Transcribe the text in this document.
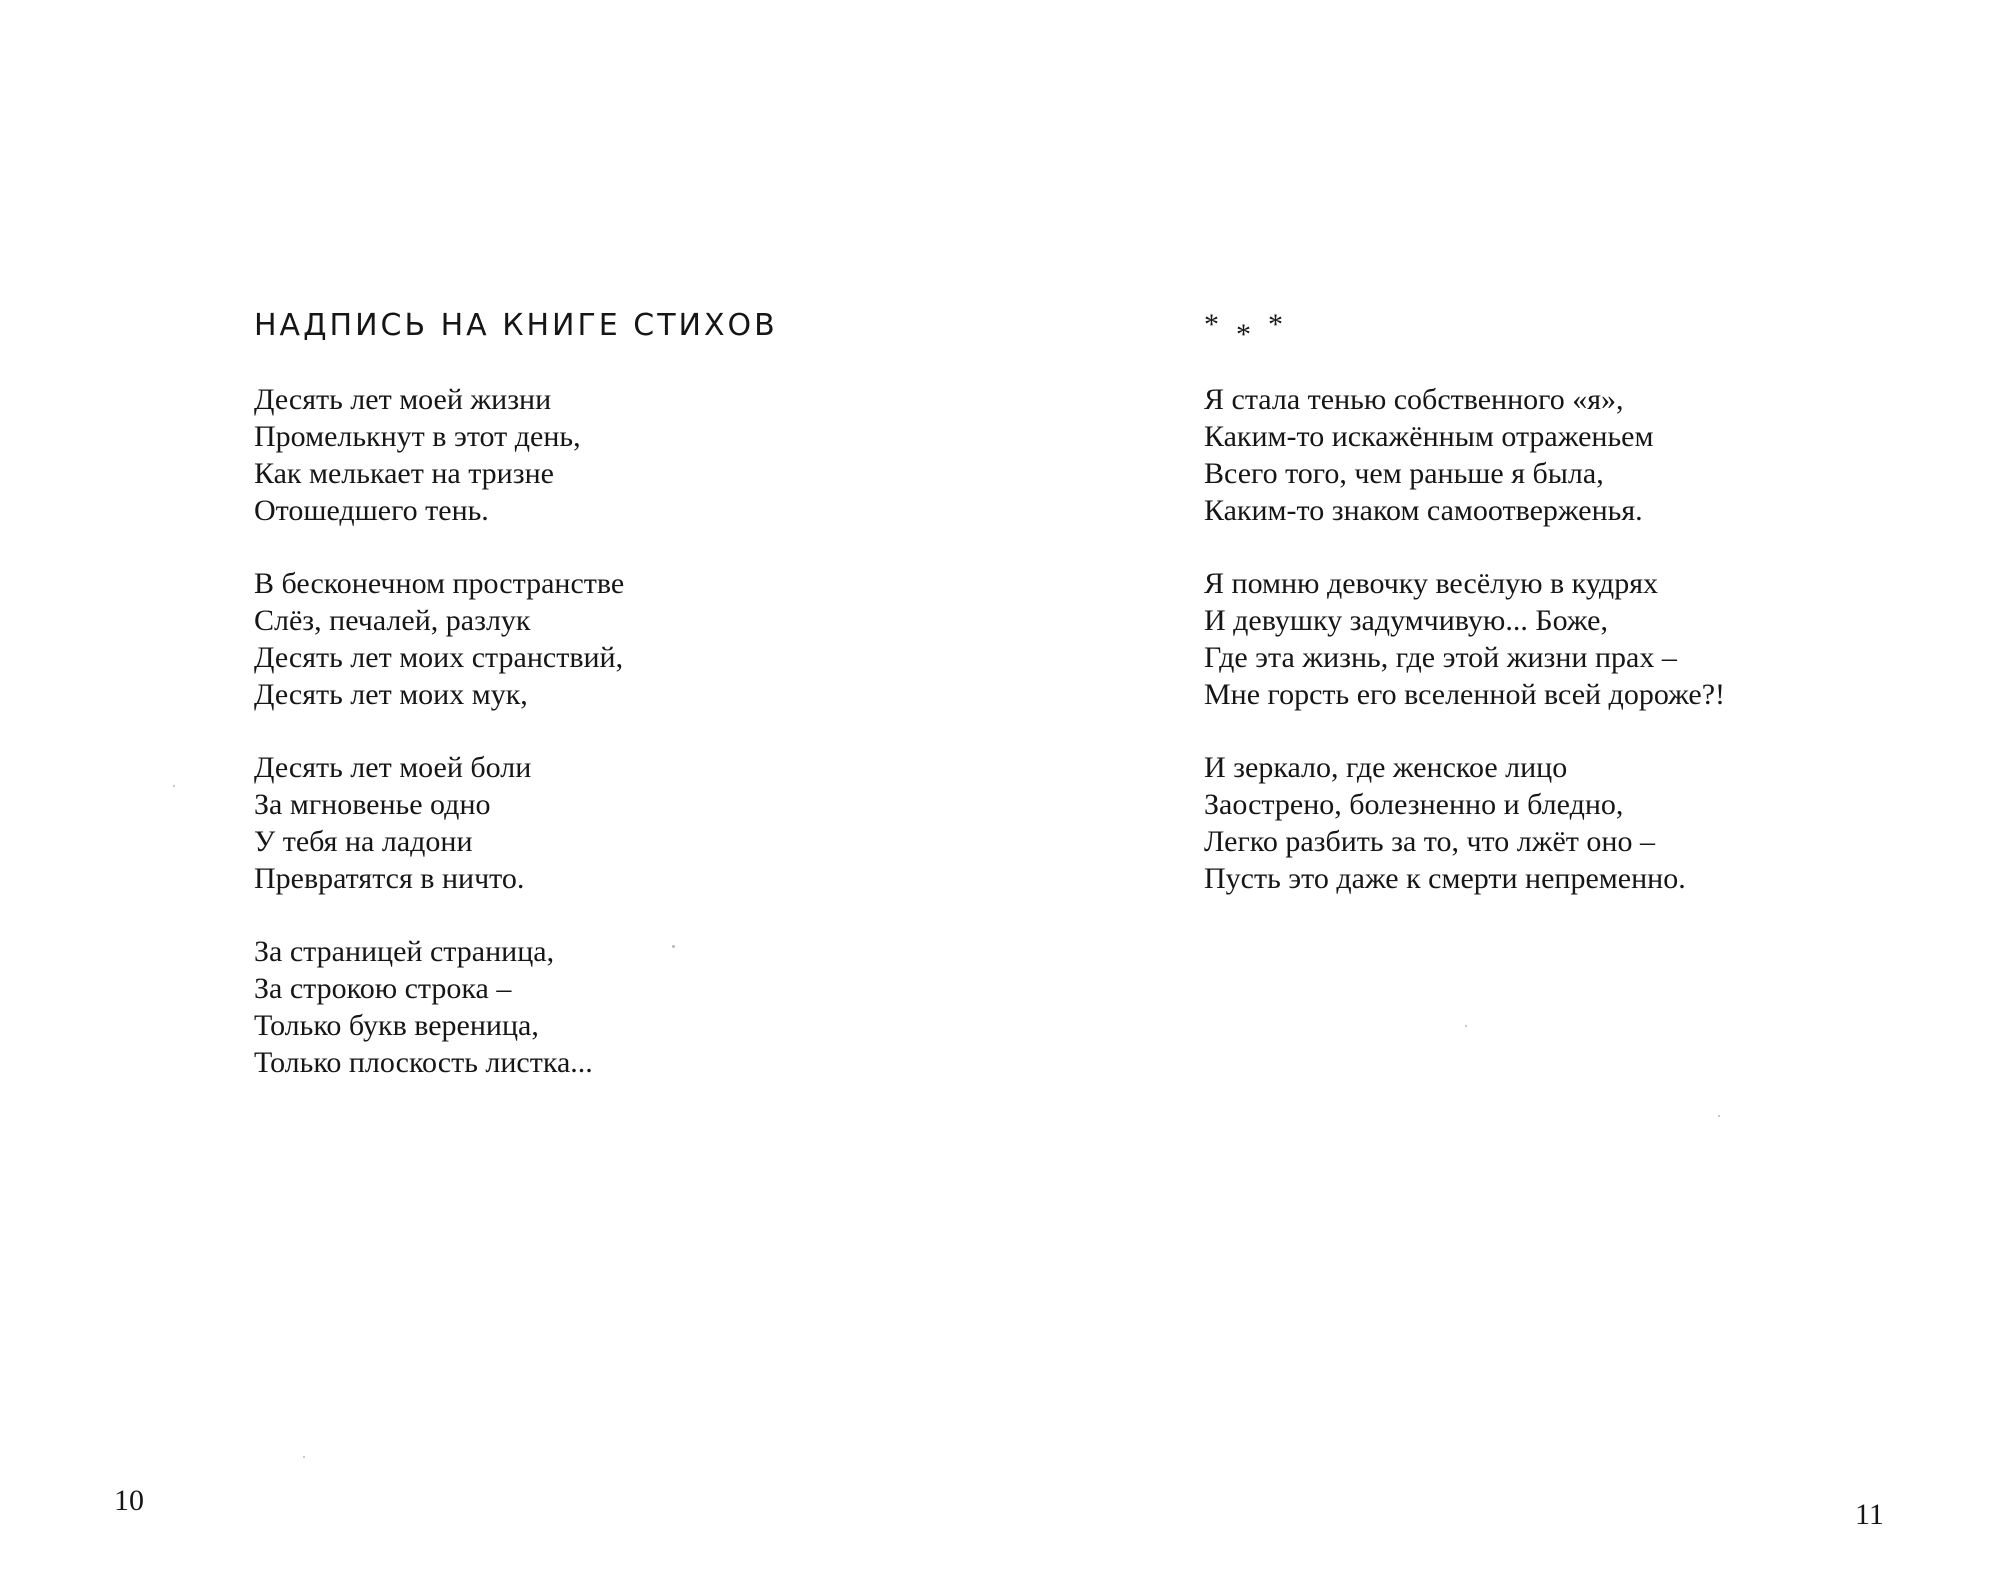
НАДПИСЬ НА КНИГЕ СТИХОВ

Десять лет моей жизни
Промелькнут в этот день,
Как мелькает на тризне
Отошедшего тень.

В бесконечном пространстве
Слёз, печалей, разлук
Десять лет моих странствий,
Десять лет моих мук,

Десять лет моей боли
За мгновенье одно
У тебя на ладони
Превратятся в ничто.

За страницей страница,
За строкою строка –
Только букв вереница,
Только плоскость листка...

10
* * *

Я стала тенью собственного «я»,
Каким-то искажённым отраженьем
Всего того, чем раньше я была,
Каким-то знаком самоотверженья.

Я помню девочку весёлую в кудрях
И девушку задумчивую... Боже,
Где эта жизнь, где этой жизни прах –
Мне горсть его вселенной всей дороже?!

И зеркало, где женское лицо
Заострено, болезненно и бледно,
Легко разбить за то, что лжёт оно –
Пусть это даже к смерти непременно.

11
